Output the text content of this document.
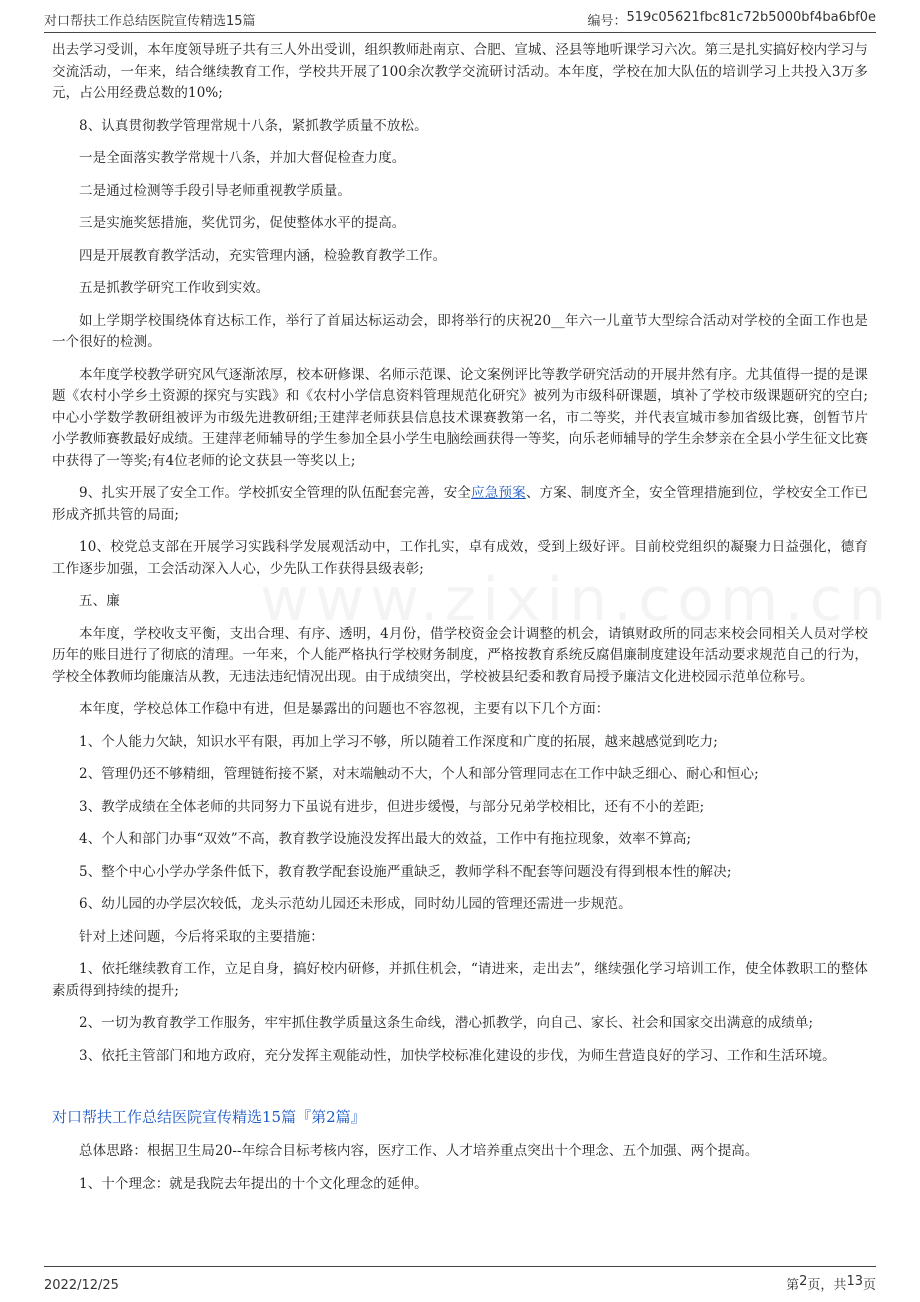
对口帮扶工作总结医院宣传精选15篇	编号： 519c05621fbc81c72b5000bf4ba6bf0e

出去学习受训，本年度领导班子共有三人外出受训，组织教师赴南京、合肥、宣城、泾县等地听课学习六次。第三是扎实搞好校内学习与交流活动，一年来，结合继续教育工作，学校共开展了100余次教学交流研讨活动。本年度，学校在加大队伍的培训学习上共投入3万多元，占公用经费总数的10%;

8、认真贯彻教学管理常规十八条，紧抓教学质量不放松。

一是全面落实教学常规十八条，并加大督促检查力度。

二是通过检测等手段引导老师重视教学质量。

三是实施奖惩措施，奖优罚劣，促使整体水平的提高。

四是开展教育教学活动，充实管理内涵，检验教育教学工作。

五是抓教学研究工作收到实效。

如上学期学校围绕体育达标工作，举行了首届达标运动会，即将举行的庆祝20__年六一儿童节大型综合活动对学校的全面工作也是一个很好的检测。

本年度学校教学研究风气逐渐浓厚，校本研修课、名师示范课、论文案例评比等教学研究活动的开展井然有序。尤其值得一提的是课题《农村小学乡土资源的探究与实践》和《农村小学信息资料管理规范化研究》被列为市级科研课题，填补了学校市级课题研究的空白;中心小学数学教研组被评为市级先进教研组;王建萍老师获县信息技术课赛教第一名，市二等奖，并代表宣城市参加省级比赛，创暂节片小学教师赛教最好成绩。王建萍老师辅导的学生参加全县小学生电脑绘画获得一等奖，向乐老师辅导的学生余梦亲在全县小学生征文比赛中获得了一等奖;有4位老师的论文获县一等奖以上;

9、扎实开展了安全工作。学校抓安全管理的队伍配套完善，安全应急预案、方案、制度齐全，安全管理措施到位，学校安全工作已形成齐抓共管的局面;

10、校党总支部在开展学习实践科学发展观活动中，工作扎实，卓有成效，受到上级好评。目前校党组织的凝聚力日益强化，德育工作逐步加强，工会活动深入人心，少先队工作获得县级表彰;

五、廉

本年度，学校收支平衡，支出合理、有序、透明，4月份，借学校资金会计调整的机会，请镇财政所的同志来校会同相关人员对学校历年的账目进行了彻底的清理。一年来，个人能严格执行学校财务制度，严格按教育系统反腐倡廉制度建设年活动要求规范自己的行为，学校全体教师均能廉洁从教，无违法违纪情况出现。由于成绩突出，学校被县纪委和教育局授予廉洁文化进校园示范单位称号。

本年度，学校总体工作稳中有进，但是暴露出的问题也不容忽视，主要有以下几个方面：

1、个人能力欠缺，知识水平有限，再加上学习不够，所以随着工作深度和广度的拓展，越来越感觉到吃力;

2、管理仍还不够精细，管理链衔接不紧，对末端触动不大，个人和部分管理同志在工作中缺乏细心、耐心和恒心;

3、教学成绩在全体老师的共同努力下虽说有进步，但进步缓慢，与部分兄弟学校相比，还有不小的差距;

4、个人和部门办事“双效”不高，教育教学设施没发挥出最大的效益，工作中有拖拉现象，效率不算高;

5、整个中心小学办学条件低下，教育教学配套设施严重缺乏，教师学科不配套等问题没有得到根本性的解决;

6、幼儿园的办学层次较低，龙头示范幼儿园还未形成，同时幼儿园的管理还需进一步规范。

针对上述问题，今后将采取的主要措施：

1、依托继续教育工作，立足自身，搞好校内研修，并抓住机会，“请进来，走出去”，继续强化学习培训工作，使全体教职工的整体素质得到持续的提升;

2、一切为教育教学工作服务，牢牢抓住教学质量这条生命线，潜心抓教学，向自己、家长、社会和国家交出满意的成绩单;

3、依托主管部门和地方政府，充分发挥主观能动性，加快学校标准化建设的步伐，为师生营造良好的学习、工作和生活环境。

对口帮扶工作总结医院宣传精选15篇『第2篇』

总体思路：根据卫生局20--年综合目标考核内容，医疗工作、人才培养重点突出十个理念、五个加强、两个提高。

1、十个理念：就是我院去年提出的十个文化理念的延伸。

2022/12/25	第 2 页，共 13 页
